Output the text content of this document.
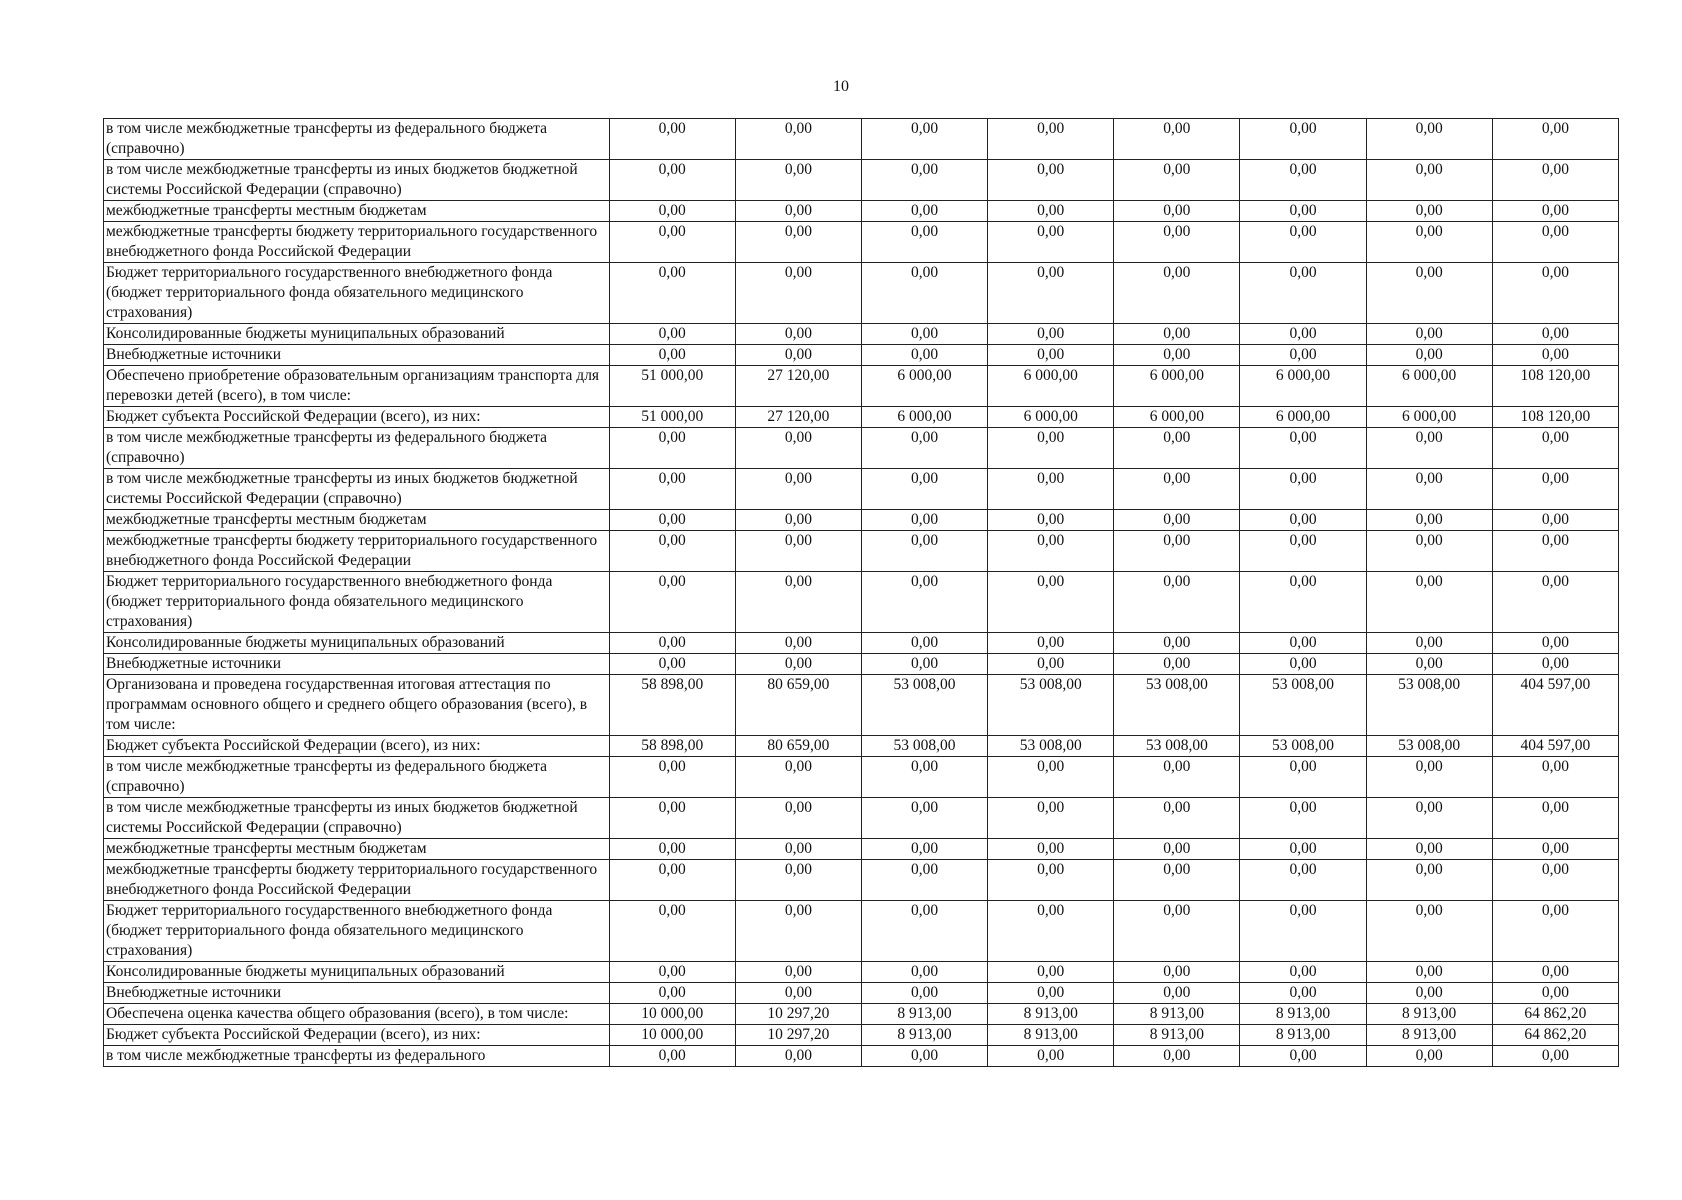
10
в том числе межбюджетные трансферты из федерального бюджета (справочно)	0,00	0,00	0,00	0,00	0,00	0,00	0,00	0,00
в том числе межбюджетные трансферты из иных бюджетов бюджетной системы Российской Федерации (справочно)	0,00	0,00	0,00	0,00	0,00	0,00	0,00	0,00
межбюджетные трансферты местным бюджетам	0,00	0,00	0,00	0,00	0,00	0,00	0,00	0,00
межбюджетные трансферты бюджету территориального государственного внебюджетного фонда Российской Федерации	0,00	0,00	0,00	0,00	0,00	0,00	0,00	0,00
Бюджет территориального государственного внебюджетного фонда (бюджет территориального фонда обязательного медицинского страхования)	0,00	0,00	0,00	0,00	0,00	0,00	0,00	0,00
Консолидированные бюджеты муниципальных образований	0,00	0,00	0,00	0,00	0,00	0,00	0,00	0,00
Внебюджетные источники	0,00	0,00	0,00	0,00	0,00	0,00	0,00	0,00
Обеспечено приобретение образовательным организациям транспорта для перевозки детей (всего), в том числе:	51 000,00	27 120,00	6 000,00	6 000,00	6 000,00	6 000,00	6 000,00	108 120,00
Бюджет субъекта Российской Федерации (всего), из них:	51 000,00	27 120,00	6 000,00	6 000,00	6 000,00	6 000,00	6 000,00	108 120,00
в том числе межбюджетные трансферты из федерального бюджета (справочно)	0,00	0,00	0,00	0,00	0,00	0,00	0,00	0,00
в том числе межбюджетные трансферты из иных бюджетов бюджетной системы Российской Федерации (справочно)	0,00	0,00	0,00	0,00	0,00	0,00	0,00	0,00
межбюджетные трансферты местным бюджетам	0,00	0,00	0,00	0,00	0,00	0,00	0,00	0,00
межбюджетные трансферты бюджету территориального государственного внебюджетного фонда Российской Федерации	0,00	0,00	0,00	0,00	0,00	0,00	0,00	0,00
Бюджет территориального государственного внебюджетного фонда (бюджет территориального фонда обязательного медицинского страхования)	0,00	0,00	0,00	0,00	0,00	0,00	0,00	0,00
Консолидированные бюджеты муниципальных образований	0,00	0,00	0,00	0,00	0,00	0,00	0,00	0,00
Внебюджетные источники	0,00	0,00	0,00	0,00	0,00	0,00	0,00	0,00
Организована и проведена государственная итоговая аттестация по программам основного общего и среднего общего образования (всего), в том числе:	58 898,00	80 659,00	53 008,00	53 008,00	53 008,00	53 008,00	53 008,00	404 597,00
Бюджет субъекта Российской Федерации (всего), из них:	58 898,00	80 659,00	53 008,00	53 008,00	53 008,00	53 008,00	53 008,00	404 597,00
в том числе межбюджетные трансферты из федерального бюджета (справочно)	0,00	0,00	0,00	0,00	0,00	0,00	0,00	0,00
в том числе межбюджетные трансферты из иных бюджетов бюджетной системы Российской Федерации (справочно)	0,00	0,00	0,00	0,00	0,00	0,00	0,00	0,00
межбюджетные трансферты местным бюджетам	0,00	0,00	0,00	0,00	0,00	0,00	0,00	0,00
межбюджетные трансферты бюджету территориального государственного внебюджетного фонда Российской Федерации	0,00	0,00	0,00	0,00	0,00	0,00	0,00	0,00
Бюджет территориального государственного внебюджетного фонда (бюджет территориального фонда обязательного медицинского страхования)	0,00	0,00	0,00	0,00	0,00	0,00	0,00	0,00
Консолидированные бюджеты муниципальных образований	0,00	0,00	0,00	0,00	0,00	0,00	0,00	0,00
Внебюджетные источники	0,00	0,00	0,00	0,00	0,00	0,00	0,00	0,00
Обеспечена оценка качества общего образования (всего), в том числе:	10 000,00	10 297,20	8 913,00	8 913,00	8 913,00	8 913,00	8 913,00	64 862,20
Бюджет субъекта Российской Федерации (всего), из них:	10 000,00	10 297,20	8 913,00	8 913,00	8 913,00	8 913,00	8 913,00	64 862,20
в том числе межбюджетные трансферты из федерального	0,00	0,00	0,00	0,00	0,00	0,00	0,00	0,00
